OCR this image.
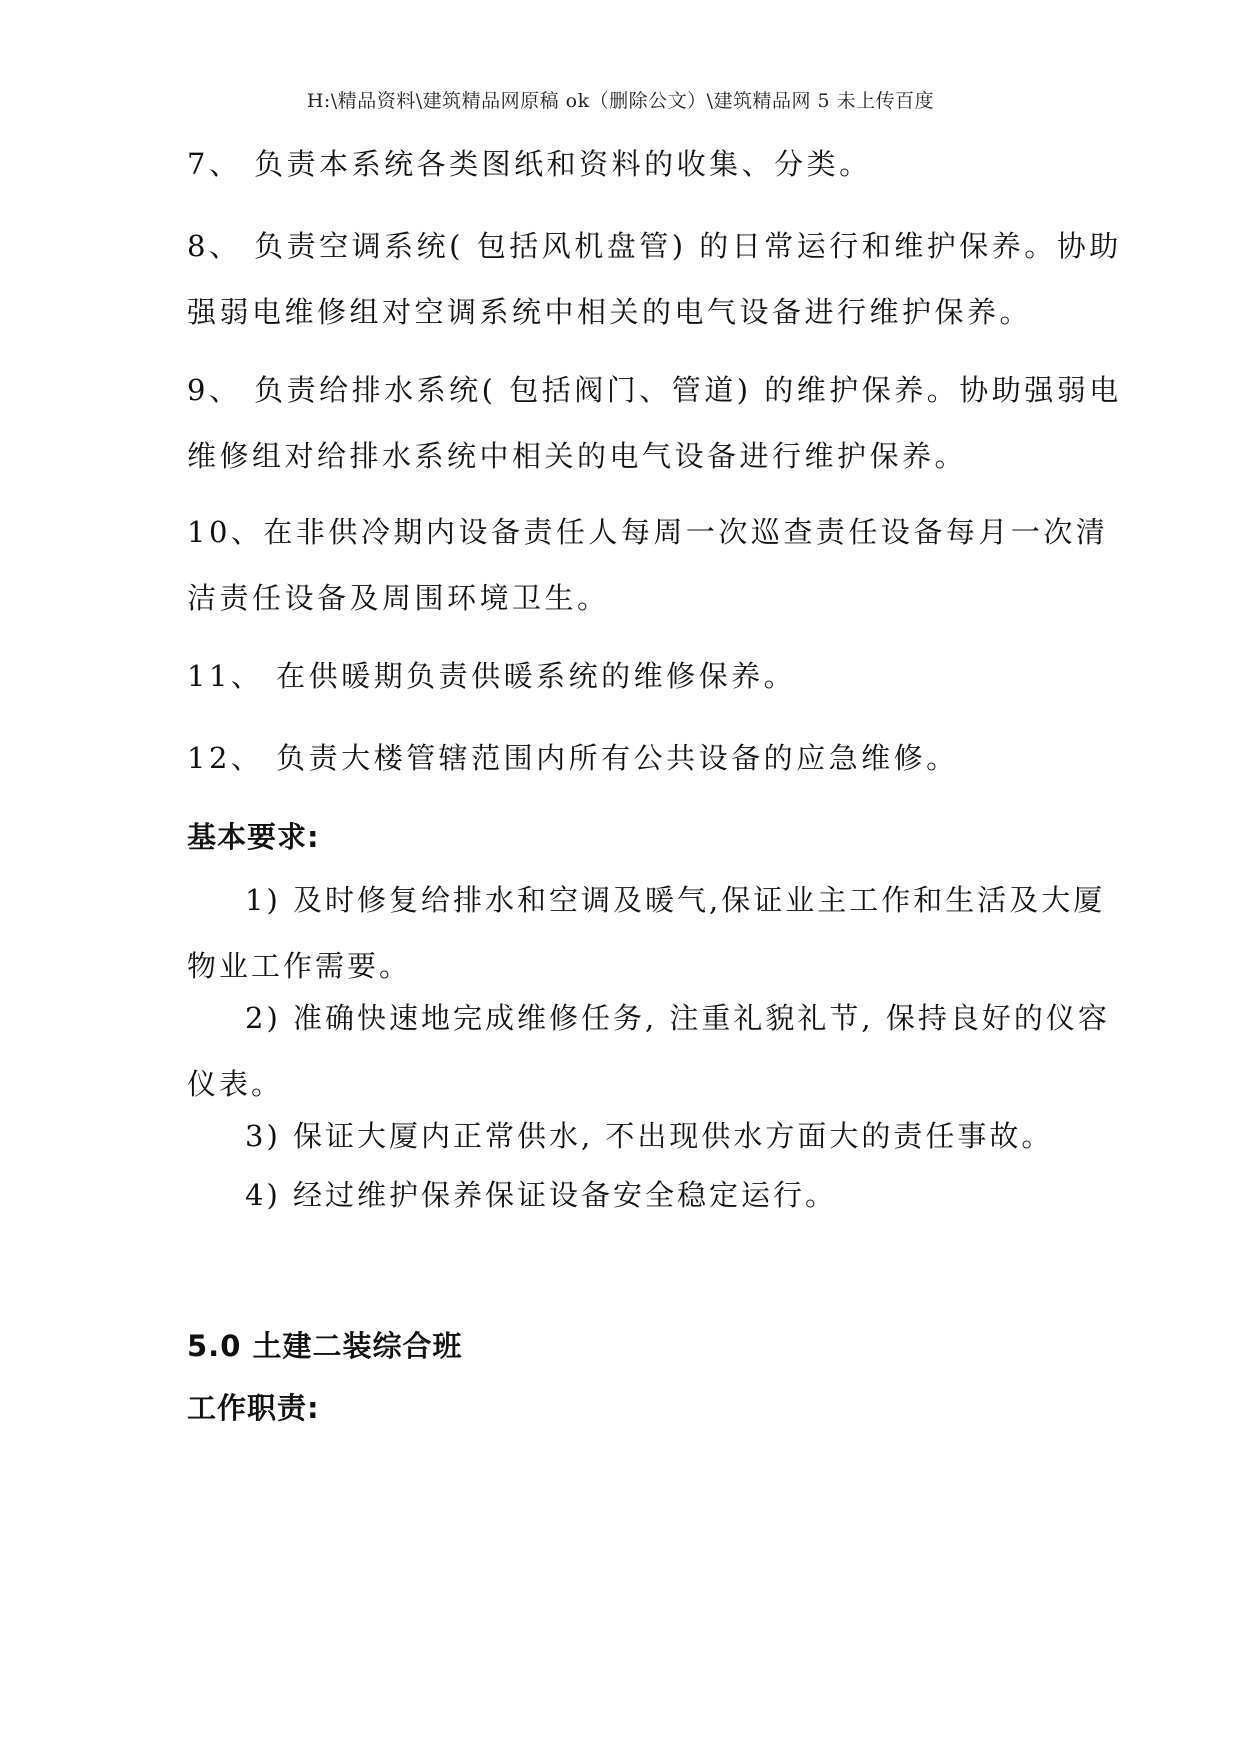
H:\精品资料\建筑精品网原稿 ok（删除公文）\建筑精品网 5 未上传百度
7、 负责本系统各类图纸和资料的收集、分类。
8、 负责空调系统( 包括风机盘管) 的日常运行和维护保养。协助
强弱电维修组对空调系统中相关的电气设备进行维护保养。
9、 负责给排水系统( 包括阀门、管道) 的维护保养。协助强弱电
维修组对给排水系统中相关的电气设备进行维护保养。
10、在非供冷期内设备责任人每周一次巡查责任设备每月一次清
洁责任设备及周围环境卫生。
11、 在供暖期负责供暖系统的维修保养。
12、 负责大楼管辖范围内所有公共设备的应急维修。
基本要求:
1) 及时修复给排水和空调及暖气,保证业主工作和生活及大厦
物业工作需要。
2) 准确快速地完成维修任务, 注重礼貌礼节, 保持良好的仪容
仪表。
3) 保证大厦内正常供水, 不出现供水方面大的责任事故。
4) 经过维护保养保证设备安全稳定运行。
5.0 土建二装综合班
工作职责:
